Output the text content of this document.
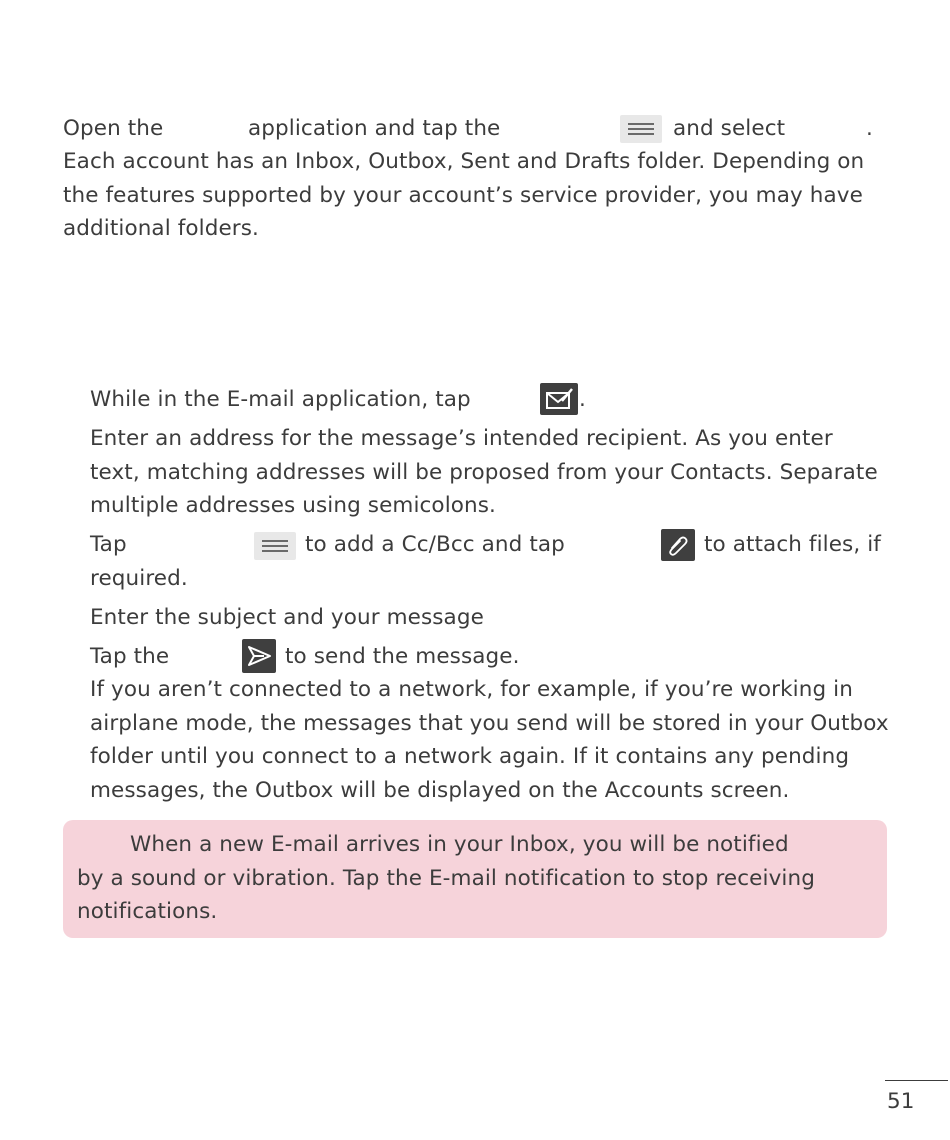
Open the	application and tap the	and select	.
Each account has an Inbox, Outbox, Sent and Drafts folder. Depending on
the features supported by your account’s service provider, you may have
additional folders.
While in the E-mail application, tap	.
Enter an address for the message’s intended recipient. As you enter
text, matching addresses will be proposed from your Contacts. Separate
multiple addresses using semicolons.
Tap	to add a Cc/Bcc and tap	to attach files, if
required.
Enter the subject and your message
Tap the	to send the message.
If you aren’t connected to a network, for example, if you’re working in
airplane mode, the messages that you send will be stored in your Outbox
folder until you connect to a network again. If it contains any pending
messages, the Outbox will be displayed on the Accounts screen.
When a new E-mail arrives in your Inbox, you will be notified
by a sound or vibration. Tap the E-mail notification to stop receiving
notifications.
51
